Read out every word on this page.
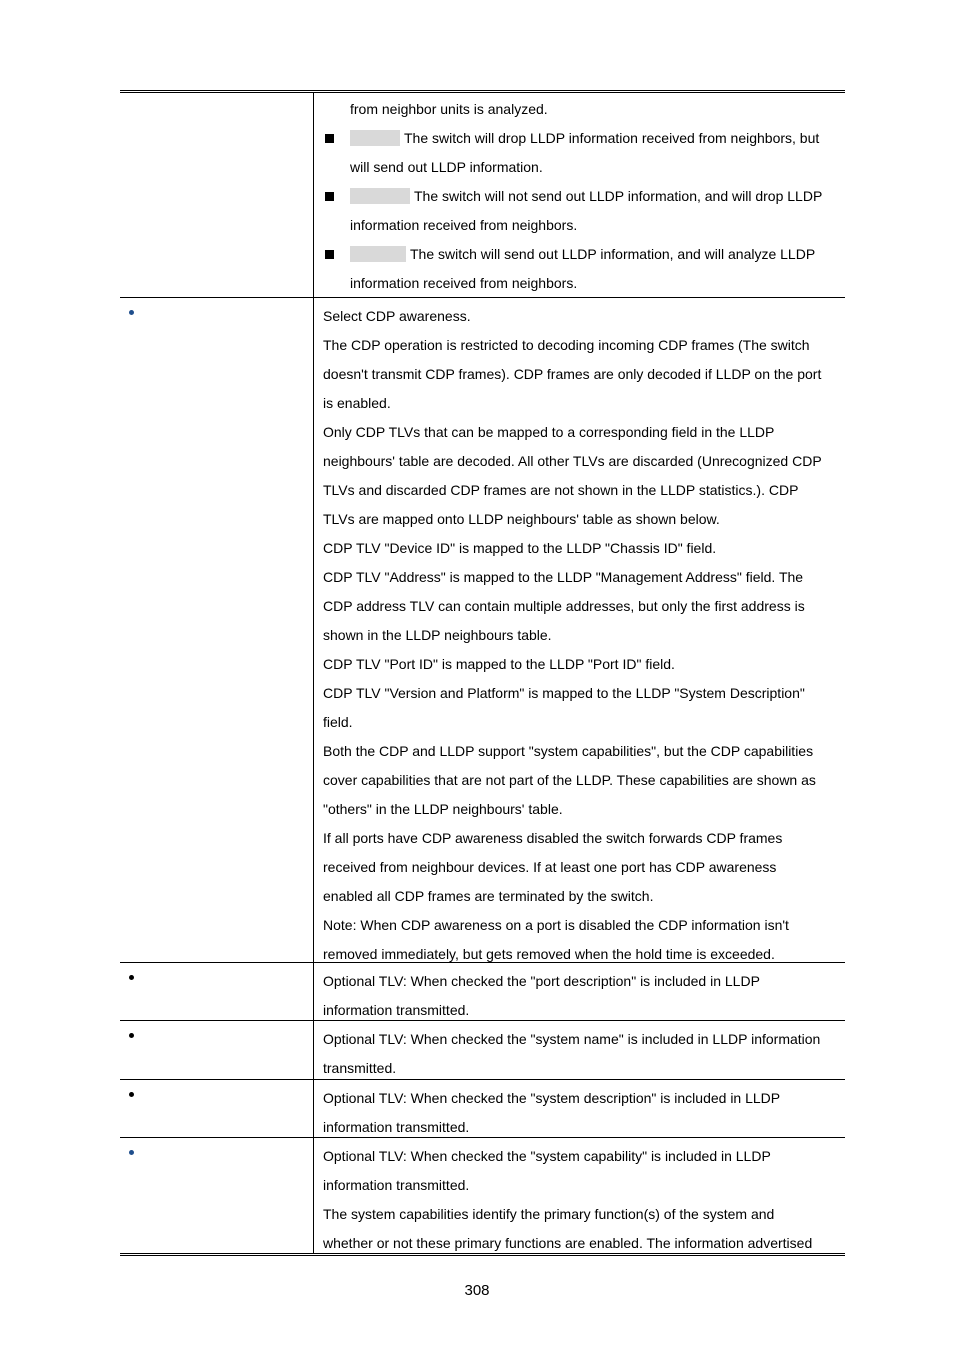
from neighbor units is analyzed.
The switch will drop LLDP information received from neighbors, but
will send out LLDP information.
The switch will not send out LLDP information, and will drop LLDP
information received from neighbors.
The switch will send out LLDP information, and will analyze LLDP
information received from neighbors.
Select CDP awareness.
The CDP operation is restricted to decoding incoming CDP frames (The switch
doesn't transmit CDP frames). CDP frames are only decoded if LLDP on the port
is enabled.
Only CDP TLVs that can be mapped to a corresponding field in the LLDP
neighbours' table are decoded. All other TLVs are discarded (Unrecognized CDP
TLVs and discarded CDP frames are not shown in the LLDP statistics.). CDP
TLVs are mapped onto LLDP neighbours' table as shown below.
CDP TLV "Device ID" is mapped to the LLDP "Chassis ID" field.
CDP TLV "Address" is mapped to the LLDP "Management Address" field. The
CDP address TLV can contain multiple addresses, but only the first address is
shown in the LLDP neighbours table.
CDP TLV "Port ID" is mapped to the LLDP "Port ID" field.
CDP TLV "Version and Platform" is mapped to the LLDP "System Description"
field.
Both the CDP and LLDP support "system capabilities", but the CDP capabilities
cover capabilities that are not part of the LLDP. These capabilities are shown as
"others" in the LLDP neighbours' table.
If all ports have CDP awareness disabled the switch forwards CDP frames
received from neighbour devices. If at least one port has CDP awareness
enabled all CDP frames are terminated by the switch.
Note: When CDP awareness on a port is disabled the CDP information isn't
removed immediately, but gets removed when the hold time is exceeded.
Optional TLV: When checked the "port description" is included in LLDP
information transmitted.
Optional TLV: When checked the "system name" is included in LLDP information
transmitted.
Optional TLV: When checked the "system description" is included in LLDP
information transmitted.
Optional TLV: When checked the "system capability" is included in LLDP
information transmitted.
The system capabilities identify the primary function(s) of the system and
whether or not these primary functions are enabled. The information advertised
308
